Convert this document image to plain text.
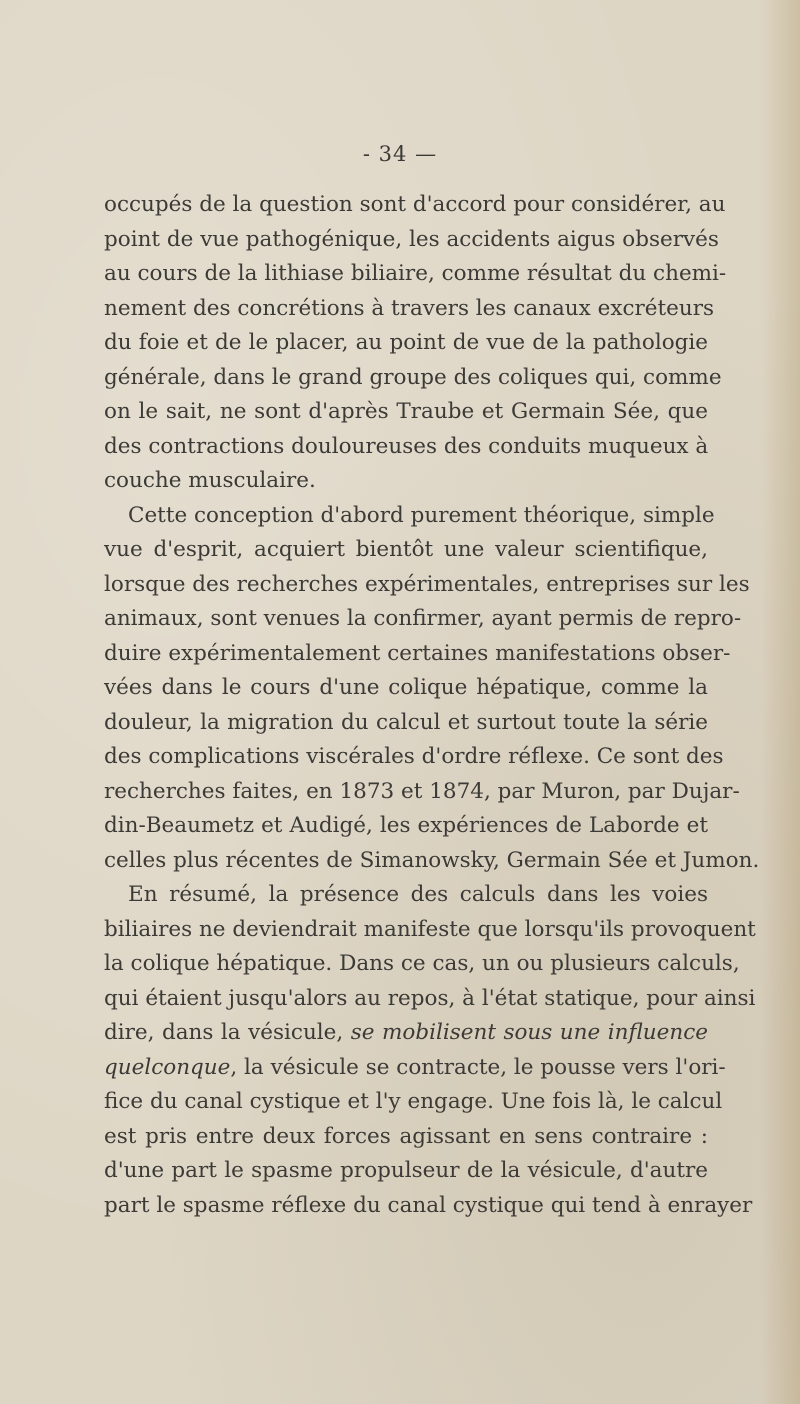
- 34 —
occupés de la question sont d'accord pour considérer, au
point de vue pathogénique, les accidents aigus observés
au cours de la lithiase biliaire, comme résultat du chemi-
nement des concrétions à travers les canaux excréteurs
du foie et de le placer, au point de vue de la pathologie
générale, dans le grand groupe des coliques qui, comme
on le sait, ne sont d'après Traube et Germain Sée, que
des contractions douloureuses des conduits muqueux à
couche musculaire.
Cette conception d'abord purement théorique, simple
vue d'esprit, acquiert bientôt une valeur scientifique,
lorsque des recherches expérimentales, entreprises sur les
animaux, sont venues la confirmer, ayant permis de repro-
duire expérimentalement certaines manifestations obser-
vées dans le cours d'une colique hépatique, comme la
douleur, la migration du calcul et surtout toute la série
des complications viscérales d'ordre réflexe. Ce sont des
recherches faites, en 1873 et 1874, par Muron, par Dujar-
din-Beaumetz et Audigé, les expériences de Laborde et
celles plus récentes de Simanowsky, Germain Sée et Jumon.
En résumé, la présence des calculs dans les voies
biliaires ne deviendrait manifeste que lorsqu'ils provoquent
la colique hépatique. Dans ce cas, un ou plusieurs calculs,
qui étaient jusqu'alors au repos, à l'état statique, pour ainsi
dire, dans la vésicule, se mobilisent sous une influence
quelconque, la vésicule se contracte, le pousse vers l'ori-
fice du canal cystique et l'y engage. Une fois là, le calcul
est pris entre deux forces agissant en sens contraire :
d'une part le spasme propulseur de la vésicule, d'autre
part le spasme réflexe du canal cystique qui tend à enrayer
